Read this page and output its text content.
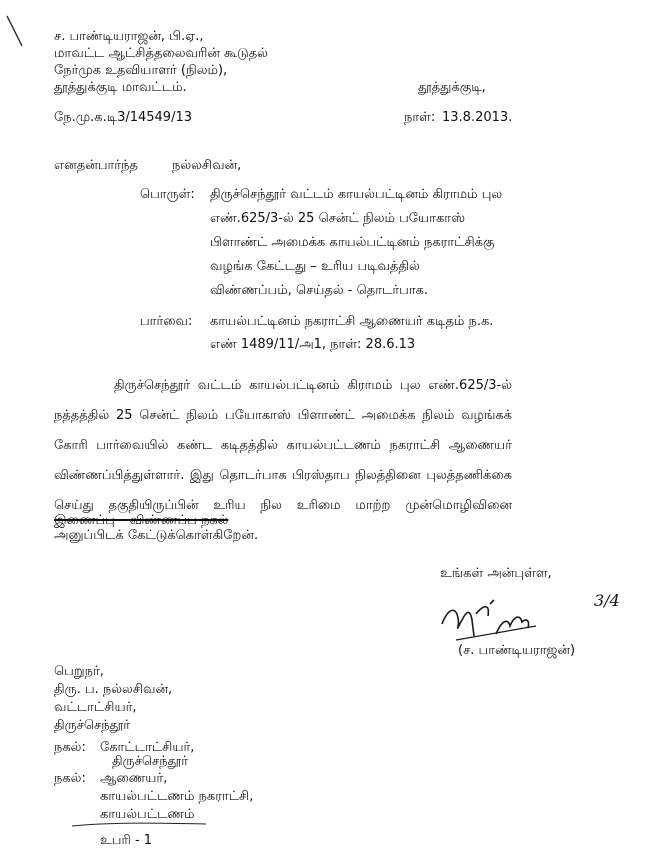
ச. பாண்டியராஜன், பி.ஏ.,
மாவட்ட ஆட்சித்தலைவரின் கூடுதல்
நேர்முக உதவியாளர் (நிலம்),
தூத்துக்குடி மாவட்டம்.	தூத்துக்குடி,
நே.மு.க.டி3/14549/13	நாள்: 13.8.2013.
எனதன்பார்ந்த	நல்லசிவன்,
பொருள்: திருச்செந்தூர் வட்டம் காயல்பட்டினம் கிராமம் புல
எண்.625/3-ல் 25 சென்ட் நிலம் பயோகாஸ்
பிளாண்ட் அமைக்க காயல்பட்டினம் நகராட்சிக்கு
வழங்க கேட்டது – உரிய படிவத்தில்
விண்ணப்பம், செய்தல் - தொடர்பாக.
பார்வை: காயல்பட்டினம் நகராட்சி ஆணையர் கடிதம் ந.க.
எண் 1489/11/அ1, நாள்: 28.6.13
திருச்செந்தூர் வட்டம் காயல்பட்டினம் கிராமம் புல எண்.625/3-ல் நத்தத்தில் 25 சென்ட் நிலம் பயோகாஸ் பிளாண்ட் அமைக்க நிலம் வழங்கக் கோரி பார்வையில் கண்ட கடிதத்தில் காயல்பட்டணம் நகராட்சி ஆணையர் விண்ணப்பித்துள்ளார். இது தொடர்பாக பிரஸ்தாப நிலத்தினை புலத்தணிக்கை செய்து தகுதியிருப்பின் உரிய நில உரிமை மாற்ற முன்மொழிவினை அனுப்பிடக் கேட்டுக்கொள்கிறேன்.
இணைப்பு – விண்ணப்ப நகல்
உங்கள் அன்புள்ள,
3/4
(ச. பாண்டியராஜன்)
பெறுநர்,
திரு. ப. நல்லசிவன்,
வட்டாட்சியர்,
திருச்செந்தூர்
நகல்: கோட்டாட்சியர்,
திருச்செந்தூர்
நகல்: ஆணையர்,
காயல்பட்டணம் நகராட்சி,
காயல்பட்டணம்
உபரி - 1
